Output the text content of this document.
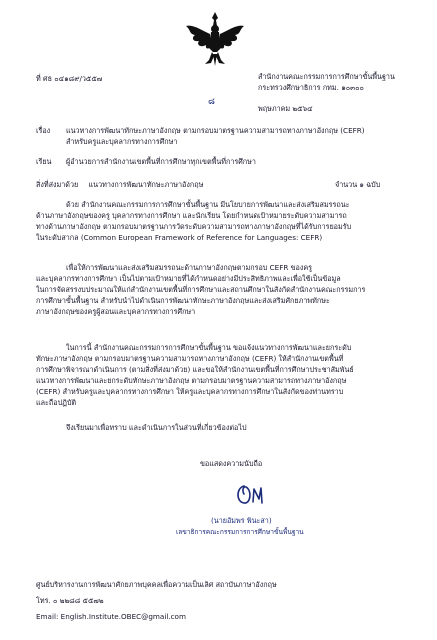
ที่ ศธ ๐๔๑๘๙/ว๕๕๗	สำนักงานคณะกรรมการการศึกษาขั้นพื้นฐาน
กระทรวงศึกษาธิการ กทม. ๑๐๓๐๐
๘
พฤษภาคม ๒๕๖๔
เรื่อง แนวทางการพัฒนาทักษะภาษาอังกฤษ ตามกรอบมาตรฐานความสามารถทางภาษาอังกฤษ (CEFR)
สำหรับครูและบุคลากรทางการศึกษา
เรียน ผู้อำนวยการสำนักงานเขตพื้นที่การศึกษาทุกเขตพื้นที่การศึกษา
สิ่งที่ส่งมาด้วย แนวทางการพัฒนาทักษะภาษาอังกฤษ	จำนวน ๑ ฉบับ
ด้วย สำนักงานคณะกรรมการการศึกษาขั้นพื้นฐาน มีนโยบายการพัฒนาและส่งเสริมสมรรถนะ
ด้านภาษาอังกฤษของครู บุคลากรทางการศึกษา และนักเรียน โดยกำหนดเป้าหมายระดับความสามารถ
ทางด้านภาษาอังกฤษ ตามกรอบมาตรฐานการวัดระดับความสามารถทางภาษาอังกฤษที่ได้รับการยอมรับ
ในระดับสากล (Common European Framework of Reference for Languages: CEFR)
เพื่อให้การพัฒนาและส่งเสริมสมรรถนะด้านภาษาอังกฤษตามกรอบ CEFR ของครู
และบุคลากรทางการศึกษา เป็นไปตามเป้าหมายที่ได้กำหนดอย่างมีประสิทธิภาพและเพื่อใช้เป็นข้อมูล
ในการจัดสรรงบประมาณให้แก่สำนักงานเขตพื้นที่การศึกษาและสถานศึกษาในสังกัดสำนักงานคณะกรรมการ
การศึกษาขั้นพื้นฐาน สำหรับนำไปดำเนินการพัฒนาทักษะภาษาอังกฤษและส่งเสริมศักยภาพทักษะ
ภาษาอังกฤษของครูผู้สอนและบุคลากรทางการศึกษา
ในการนี้ สำนักงานคณะกรรมการการศึกษาขั้นพื้นฐาน ขอแจ้งแนวทางการพัฒนาและยกระดับ
ทักษะภาษาอังกฤษ ตามกรอบมาตรฐานความสามารถทางภาษาอังกฤษ (CEFR) ให้สำนักงานเขตพื้นที่
การศึกษาพิจารณาดำเนินการ (ตามสิ่งที่ส่งมาด้วย) และขอให้สำนักงานเขตพื้นที่การศึกษาประชาสัมพันธ์
แนวทางการพัฒนาและยกระดับทักษะภาษาอังกฤษ ตามกรอบมาตรฐานความสามารถทางภาษาอังกฤษ
(CEFR) สำหรับครูและบุคลากรทางการศึกษา ให้ครูและบุคลากรทางการศึกษาในสังกัดของท่านทราบ
และถือปฏิบัติ
จึงเรียนมาเพื่อทราบ และดำเนินการในส่วนที่เกี่ยวข้องต่อไป
ขอแสดงความนับถือ
(นายอัมพร พินะสา)
เลขาธิการคณะกรรมการการศึกษาขั้นพื้นฐาน
ศูนย์บริหารงานการพัฒนาศักยภาพบุคคลเพื่อความเป็นเลิศ สถาบันภาษาอังกฤษ
โทร. ๐ ๒๒๘๘ ๕๕๗๒
Email: English.Institute.OBEC@gmail.com
